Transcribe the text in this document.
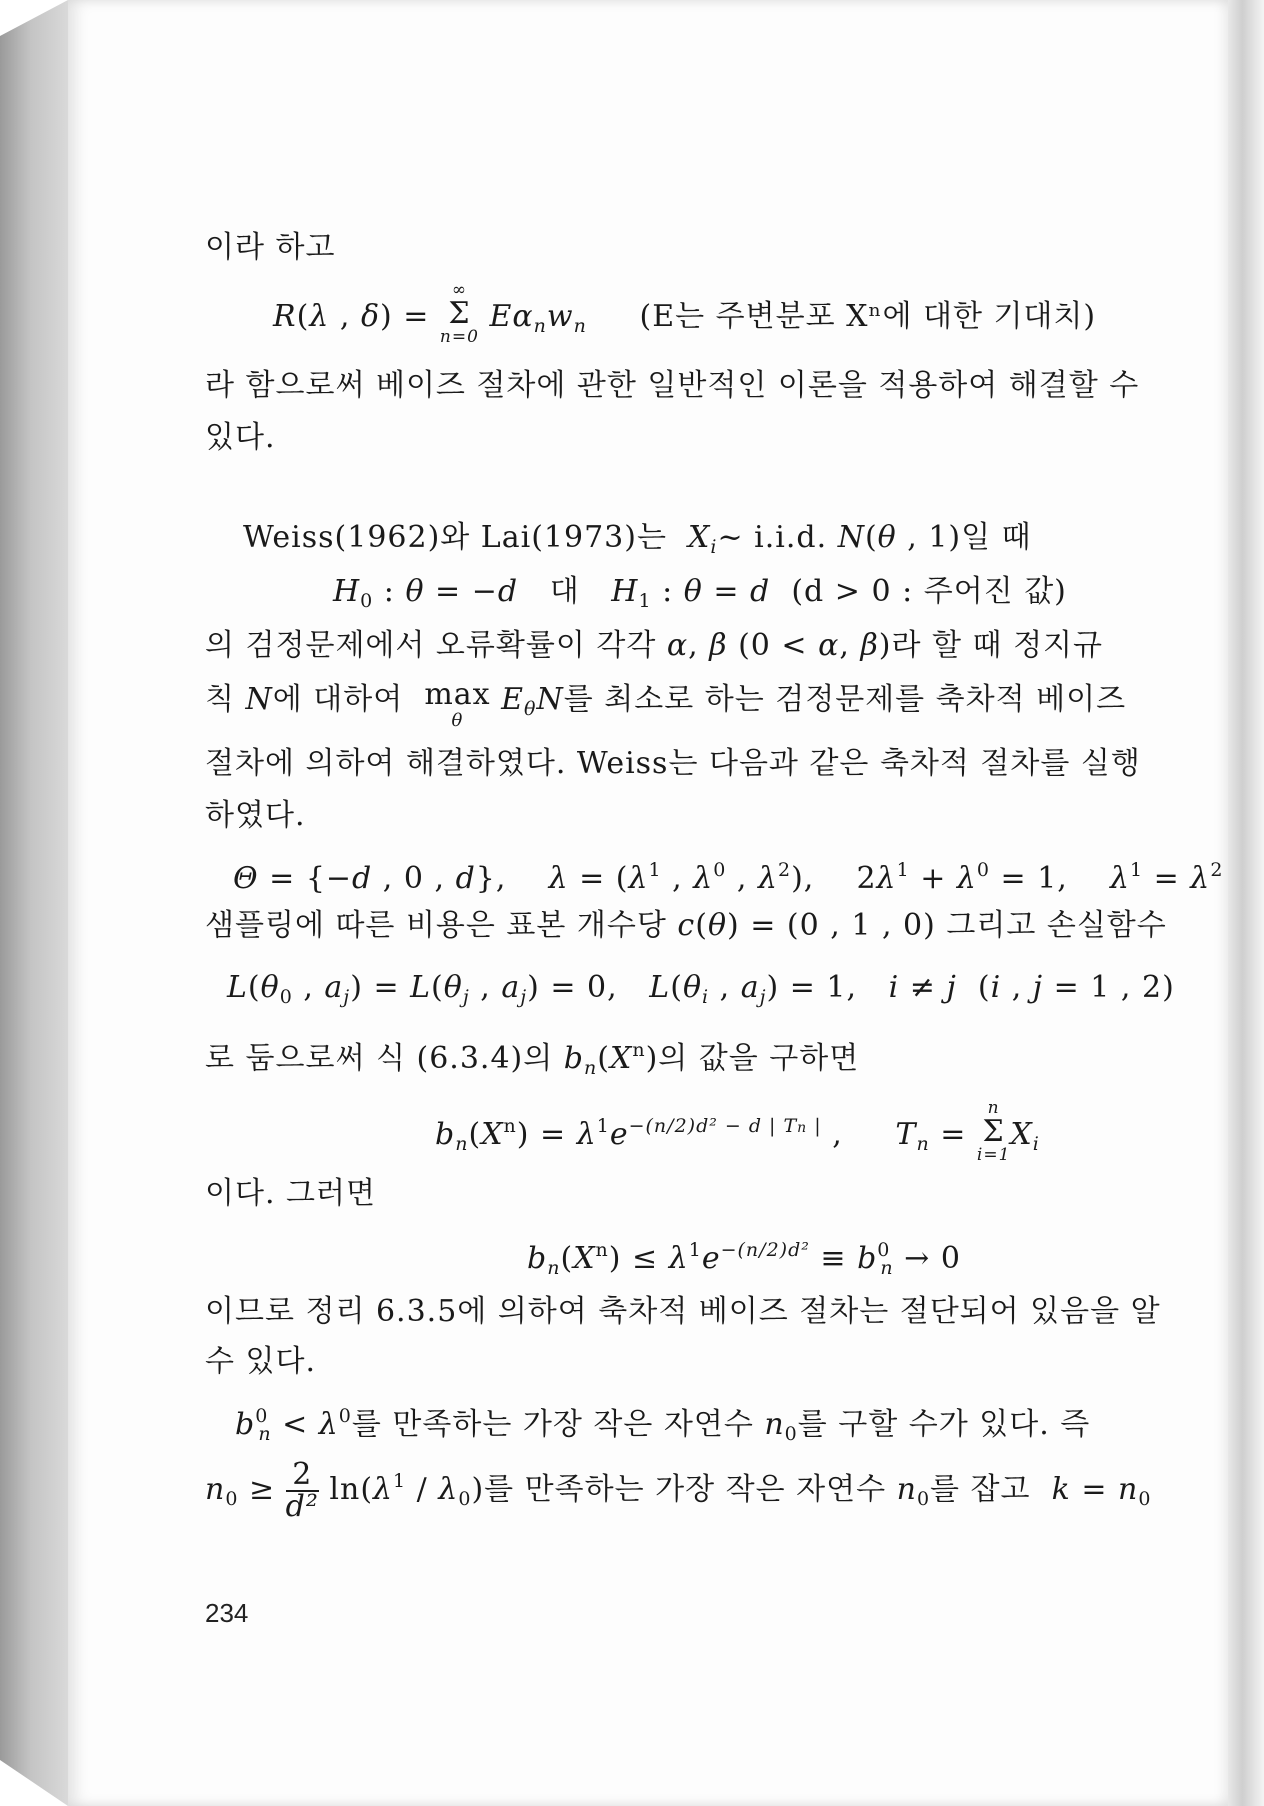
이라 하고
R(λ , δ) =
∞
Σ
n=0
$E\alpha_nw_n$ (E는 주변분포 Xⁿ에 대한 기대치)
라 함으로써 베이즈 절차에 관한 일반적인 이론을 적용하여 해결할 수
있다.
Weiss(1962)와 Lai(1973)는 $X_i\sim$ i.i.d. N(θ , 1)일 때
$H_0$ : θ = −d 대 $H_1$ : θ = d (d > 0 : 주어진 값)
의 검정문제에서 오류확률이 각각 α, β (0 < α, β)라 할 때 정지규
칙 N에 대하여 max
θ
$E_\theta N$를 최소로 하는 검정문제를 축차적 베이즈
절차에 의하여 해결하였다. Weiss는 다음과 같은 축차적 절차를 실행
하였다.
Θ = {−d , 0 , d},    $\lambda = (\lambda^1$ , $\lambda^0$ , $\lambda^2$),    $2\lambda^1 + \lambda^0 = 1$,    $\lambda^1 = \lambda^2$
샘플링에 따른 비용은 표본 개수당 c(θ) = (0 , 1 , 0) 그리고 손실함수
$L(\theta_0$ , $a_j) = L(\theta_j$ , $a_j) = 0$,   $L(\theta_i$ , $a_j) = 1$,   i ≠ j  (i , j = 1 , 2)
로 둠으로써 식 (6.3.4)의 $b_n(X^n)$의 값을 구하면
$b_n(X^n) = \lambda^1e^{-(n/2)d^2 - d | Tn |}$ ,     $T_n$ =
n
Σ
i=1
$X_i$
이다. 그러면
$b_n(X^n) \le \lambda^1e^{-(n/2)d^2} \equiv b^0_n \to 0$
이므로 정리 6.3.5에 의하여 축차적 베이즈 절차는 절단되어 있음을 알
수 있다.
$b^0_n < \lambda^0$를 만족하는 가장 작은 자연수 $n_0$를 구할 수가 있다. 즉
$n_0 \ge \frac{2}{\text{d²}} \ln(\lambda^1 / \lambda_0)$를 만족하는 가장 작은 자연수 $n_0$를 잡고 $k = n_0$
234
